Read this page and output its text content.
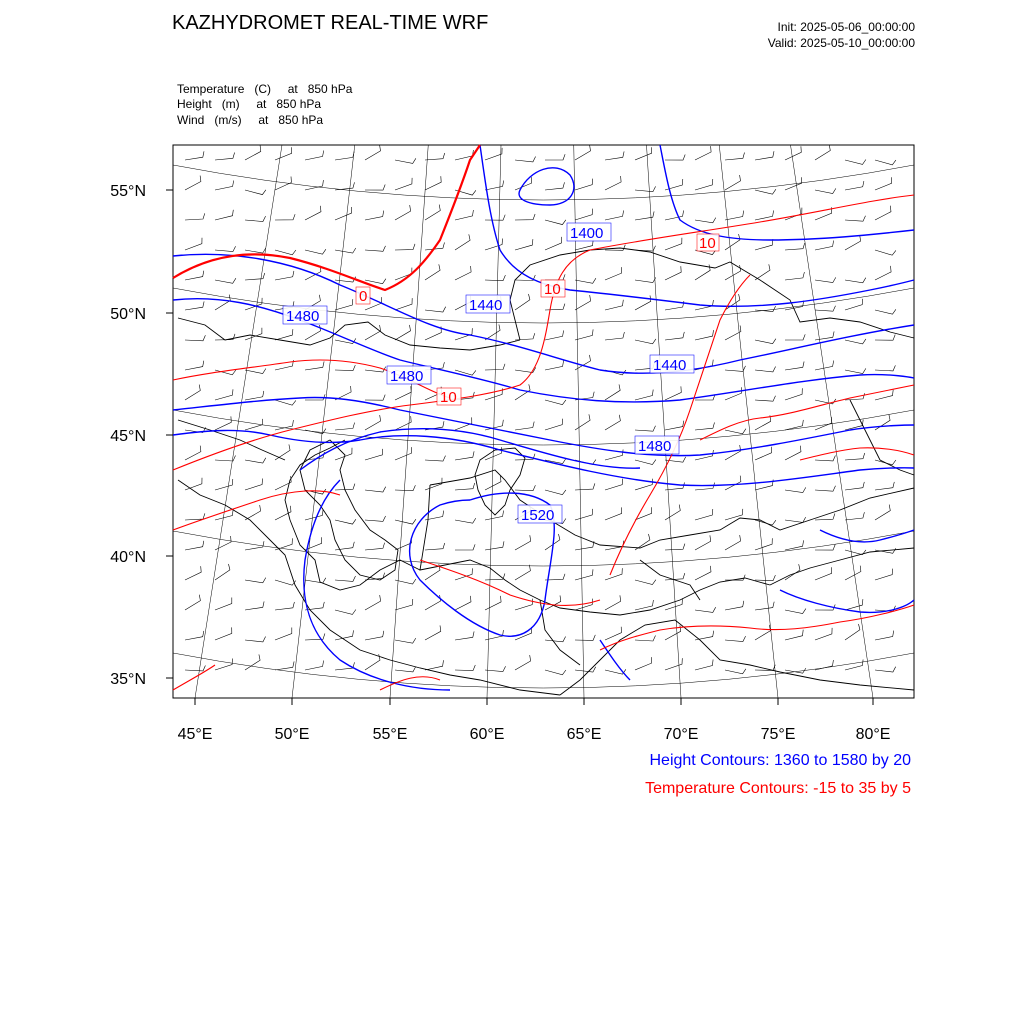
KAZHYDROMET REAL-TIME WRF	Init: 2025-05-06_00:00:00
Valid: 2025-05-10_00:00:00
Temperature   (C)     at   850 hPa
Height   (m)     at   850 hPa
Wind   (m/s)     at   850 hPa
55°N
50°N
45°N
40°N
35°N
45°E	50°E	55°E	60°E	65°E	70°E	75°E	80°E
1400
1440
1440
1480
1480
1480
1520
10
10
10
0
Height Contours: 1360 to 1580 by 20
Temperature Contours: -15 to 35 by 5
